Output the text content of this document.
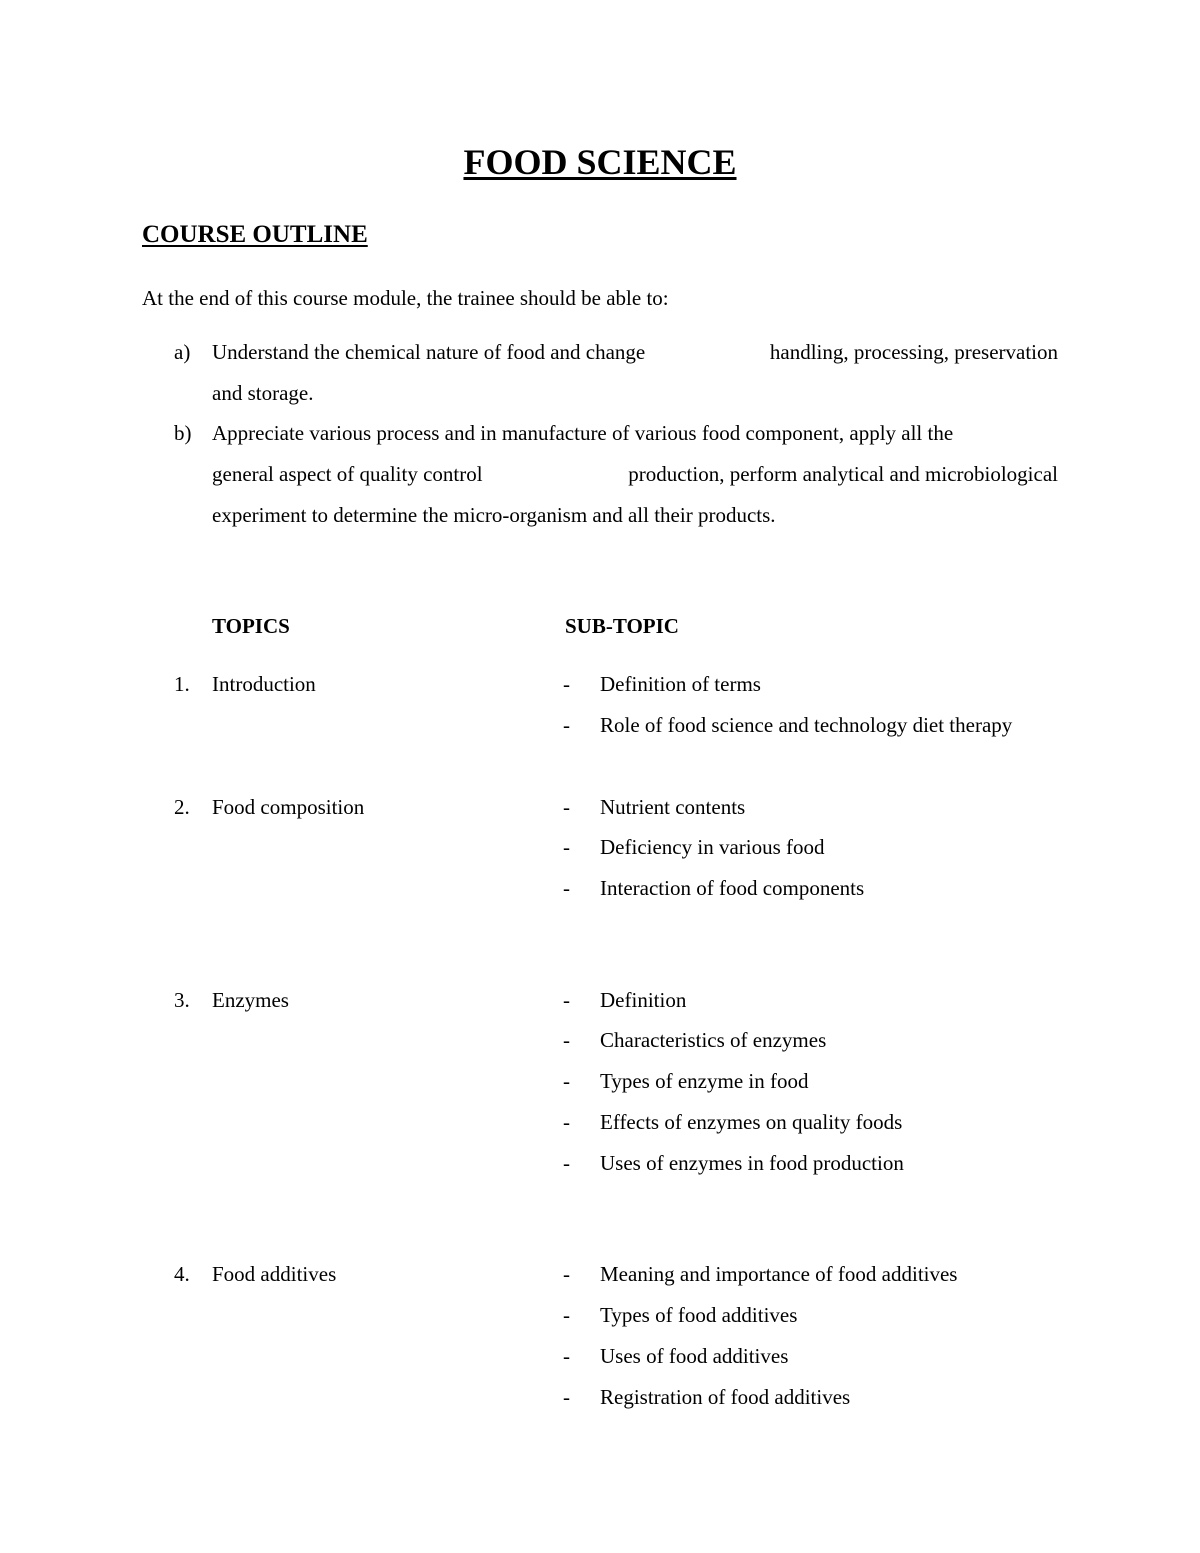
FOOD SCIENCE
COURSE OUTLINE
At the end of this course module, the trainee should be able to:
a)	Understand the chemical nature of food and change	handling, processing, preservation
and storage.
b) Appreciate various process and in manufacture of various food component, apply all the
general aspect of quality control	production, perform analytical and microbiological
experiment to determine the micro-organism and all their products.
TOPICS	SUB-TOPIC
1. Introduction	- Definition of terms
- Role of food science and technology diet therapy
2. Food composition	- Nutrient contents
- Deficiency in various food
- Interaction of food components
3. Enzymes	- Definition
- Characteristics of enzymes
- Types of enzyme in food
- Effects of enzymes on quality foods
- Uses of enzymes in food production
4. Food additives	- Meaning and importance of food additives
- Types of food additives
- Uses of food additives
- Registration of food additives
